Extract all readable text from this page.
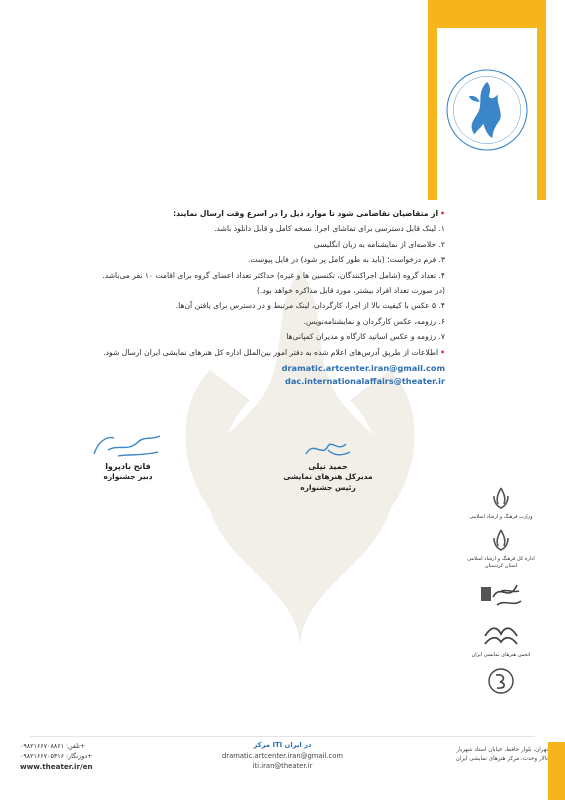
•از متقاضیان تقاضامی شود تا موارد ذیل را در اسرع وقت ارسال نمایند:
۱. لینک قابل دسترسی برای تماشای اجرا. نسخه کامل و قابل دانلود باشد.
۲. خلاصه‌ای از نمایشنامه به زبان انگلیسی
۳. فرم درخواست؛ (باید به طور کامل پر شود) در فایل پیوست.
۴. تعداد گروه (شامل اجراکنندگان، تکنسین ها و غیره) حداکثر تعداد اعضای گروه برای اقامت ۱۰ نفر می‌باشد.
(در صورت تعداد افراد بیشتر، مورد قابل مذاکره خواهد بود.)
۴. ۵ عکس با کیفیت بالا از اجرا، کارگردان، لینک مرتبط و در دسترس برای یافتن آن‌ها.
۶. رزومه، عکس کارگردان و نمایشنامه‌نویس.
۷. رزومه و عکس اساتید کارگاه و مدیران کمپانی‌ها
•اطلاعات از طریق آدرس‌های اعلام شده به دفتر امور بین‌الملل اداره کل هنرهای نمایشی ایران ارسال شود.
dramatic.artcenter.iran@gmail.com
dac.internationalaffairs@theater.ir
حمید نیلی
مدیرکل هنرهای نمایشی
رئیس جشنواره
فاتح بادپروا
دبیر جشنواره
وزارت فرهنگ و ارشاد اسلامی
اداره کل فرهنگ و ارشاد اسلامی استان کردستان
انجمن هنرهای نمایشی ایران
تلفن: ۰۹۸۲۱۶۶۷۰۸۸۶۱+
دورنگار: ۰۹۸۲۱۶۶۷۰۵۳۱۶+
www.theater.ir/en
مرکز ITI در ایران
dramatic.artcenter.iran@gmail.com
iti.iran@theater.ir
تهران، بلوار حافظ، خیابان استاد شهریار
تالار وحدت، مرکز هنرهای نمایشی ایران
